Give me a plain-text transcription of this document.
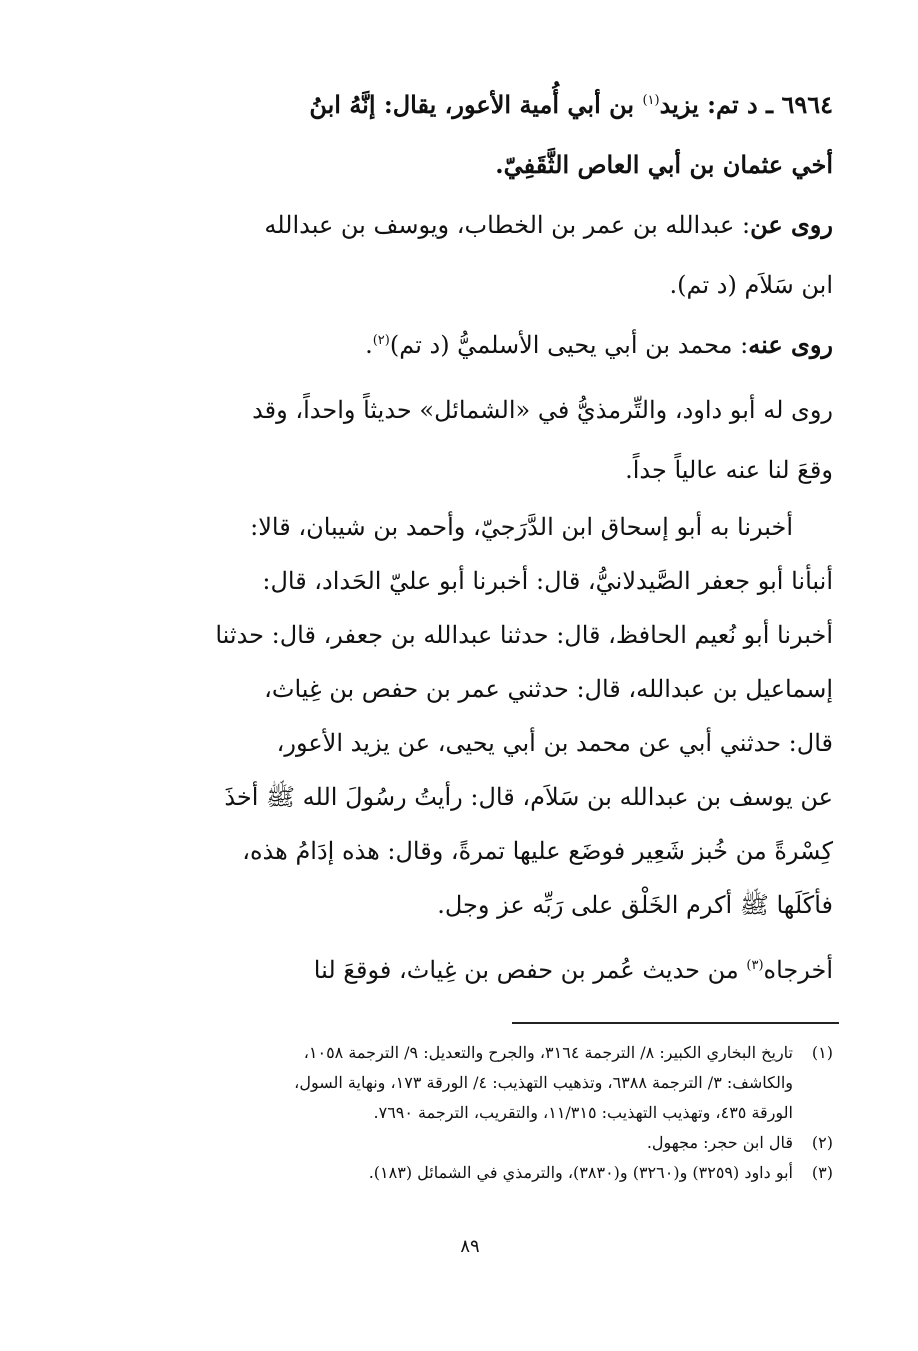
٦٩٦٤ ـ د تم: يزيد$^{(١)}$ بن أبي أُمية الأعور، يقال: إنَّهُ ابنُ
أخي عثمان بن أبي العاص الثَّقَفِيّ.
روى عن: عبدالله بن عمر بن الخطاب، ويوسف بن عبدالله
ابن سَلاَم (د تم).
روى عنه: محمد بن أبي يحيى الأسلميُّ (د تم)$^{(٢)}$.
روى له أبو داود، والتِّرمذيُّ في «الشمائل» حديثاً واحداً، وقد
وقعَ لنا عنه عالياً جداً.
أخبرنا به أبو إسحاق ابن الدَّرَجيّ، وأحمد بن شيبان، قالا:
أنبأنا أبو جعفر الصَّيدلانيُّ، قال: أخبرنا أبو عليّ الحَداد، قال:
أخبرنا أبو نُعيم الحافظ، قال: حدثنا عبدالله بن جعفر، قال: حدثنا
إسماعيل بن عبدالله، قال: حدثني عمر بن حفص بن غِياث،
قال: حدثني أبي عن محمد بن أبي يحيى، عن يزيد الأعور،
عن يوسف بن عبدالله بن سَلاَم، قال: رأيتُ رسُولَ الله ﷺ أخذَ
كِسْرةً من خُبز شَعِير فوضَع عليها تمرةً، وقال: هذه إدَامُ هذه،
فأكَلَها ﷺ أكرم الخَلْق على رَبِّه عز وجل.
أخرجاه$^{(٣)}$ من حديث عُمر بن حفص بن غِياث، فوقعَ لنا
(١)
تاريخ البخاري الكبير: ٨/ الترجمة ٣١٦٤، والجرح والتعديل: ٩/ الترجمة ١٠٥٨،
والكاشف: ٣/ الترجمة ٦٣٨٨، وتذهيب التهذيب: ٤/ الورقة ١٧٣، ونهاية السول،
الورقة ٤٣٥، وتهذيب التهذيب: ١١/٣١٥، والتقريب، الترجمة ٧٦٩٠.
(٢)
قال ابن حجر: مجهول.
(٣)
أبو داود (٣٢٥٩) و(٣٢٦٠) و(٣٨٣٠)، والترمذي في الشمائل (١٨٣).
٨٩
